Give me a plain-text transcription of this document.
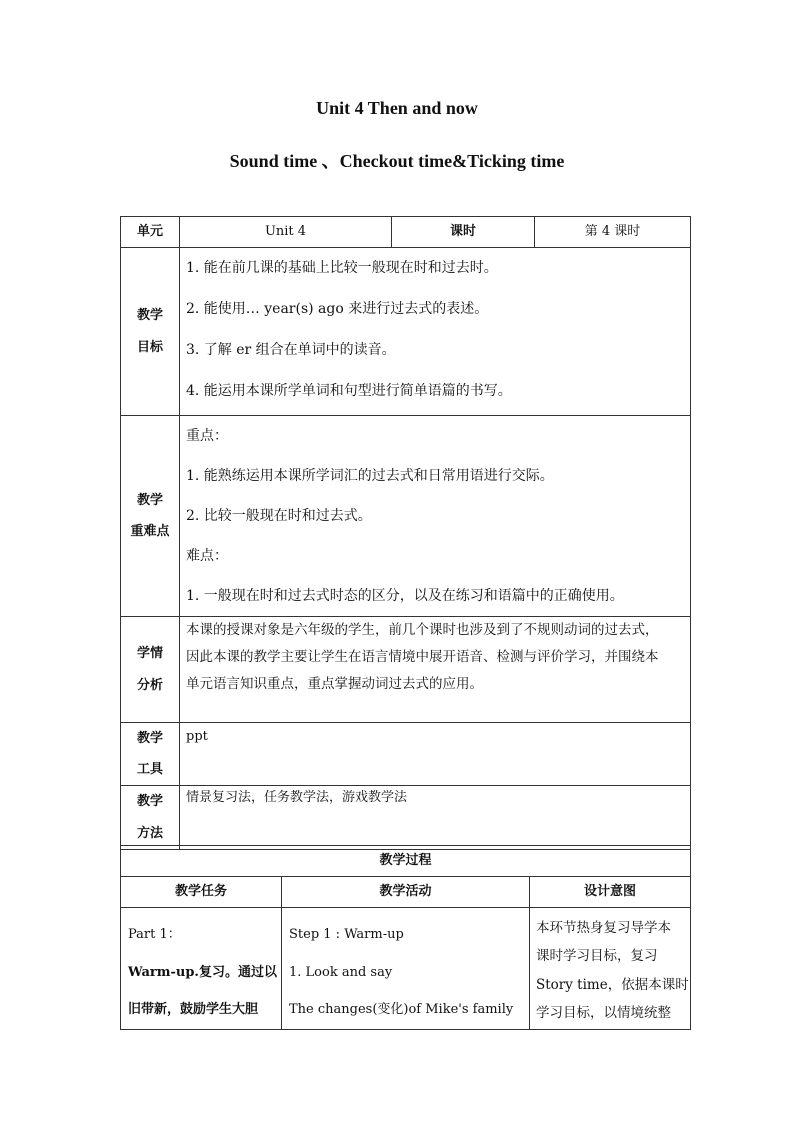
Unit 4 Then and now
Sound time 、Checkout time&Ticking time
单元	Unit 4	课时	第 4 课时

教学
目标	1. 能在前几课的基础上比较一般现在时和过去时。
2. 能使用… year(s) ago 来进行过去式的表述。
3. 了解 er 组合在单词中的读音。
4. 能运用本课所学单词和句型进行简单语篇的书写。		

教学
重难点	重点：
1. 能熟练运用本课所学词汇的过去式和日常用语进行交际。
2. 比较一般现在时和过去式。
难点：
1. 一般现在时和过去式时态的区分，以及在练习和语篇中的正确使用。		

学情
分析	本课的授课对象是六年级的学生，前几个课时也涉及到了不规则动词的过去式，
因此本课的教学主要让学生在语言情境中展开语音、检测与评价学习，并围绕本
单元语言知识重点，重点掌握动词过去式的应用。		

教学
工具	ppt		

教学
方法	情景复习法，任务教学法，游戏教学法		
教学过程		
教学任务	教学活动	设计意图

Part 1：
Warm-up.复习。通过以
旧带新，鼓励学生大胆	Step 1 : Warm-up
1. Look and say
The changes(变化)of Mike's family	本环节热身复习导学本
课时学习目标，复习
Story time，依据本课时
学习目标，以情境统整
